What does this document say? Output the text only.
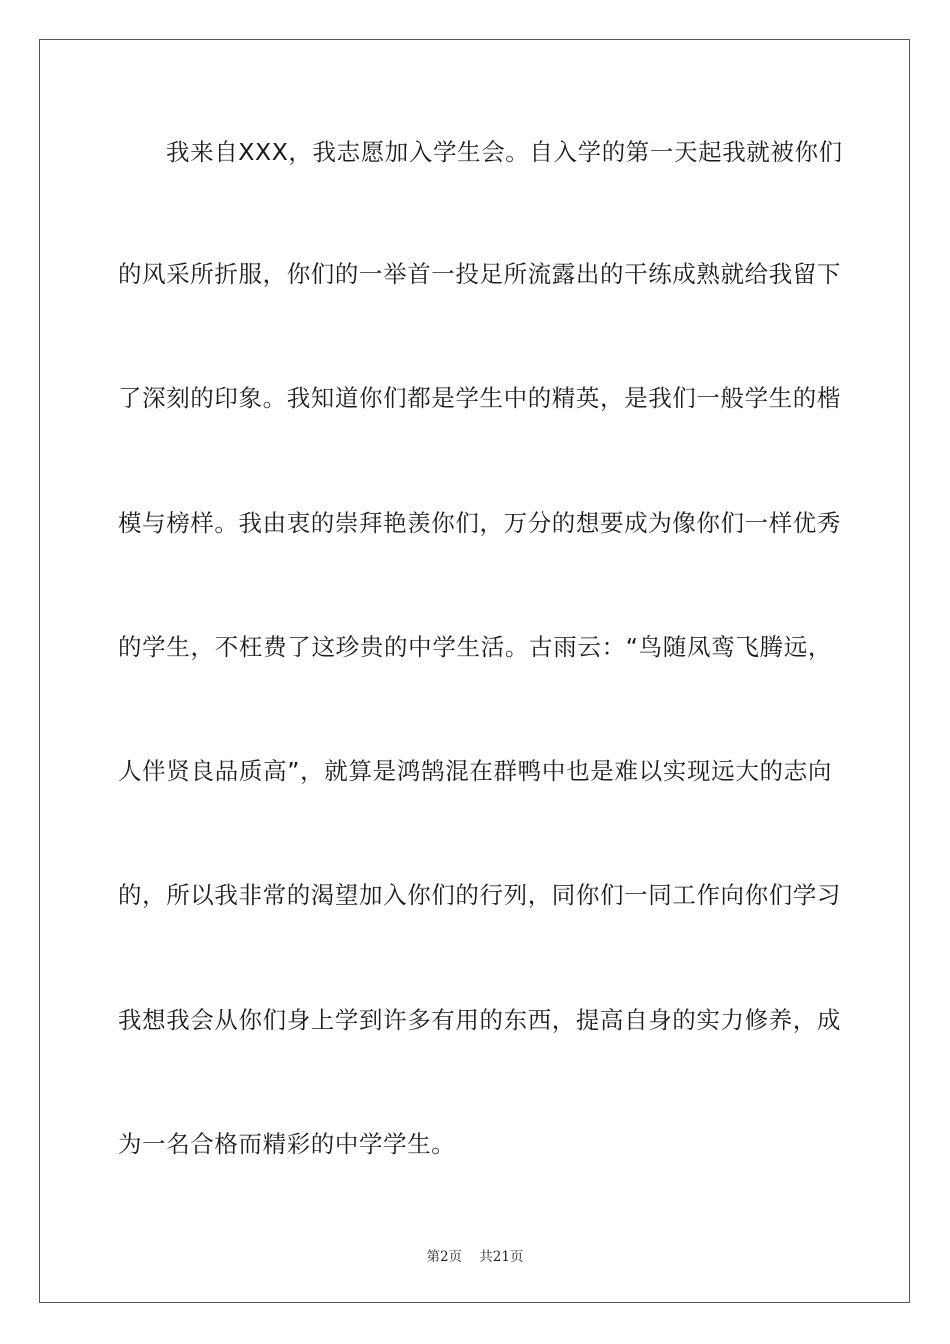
我来自XXX，我志愿加入学生会。自入学的第一天起我就被你们
的风采所折服，你们的一举首一投足所流露出的干练成熟就给我留下
了深刻的印象。我知道你们都是学生中的精英，是我们一般学生的楷
模与榜样。我由衷的崇拜艳羡你们，万分的想要成为像你们一样优秀
的学生，不枉费了这珍贵的中学生活。古雨云：“鸟随凤鸾飞腾远，
人伴贤良品质高”，就算是鸿鹄混在群鸭中也是难以实现远大的志向
的，所以我非常的渴望加入你们的行列，同你们一同工作向你们学习
我想我会从你们身上学到许多有用的东西，提高自身的实力修养，成
为一名合格而精彩的中学学生。
第2页 共21页
